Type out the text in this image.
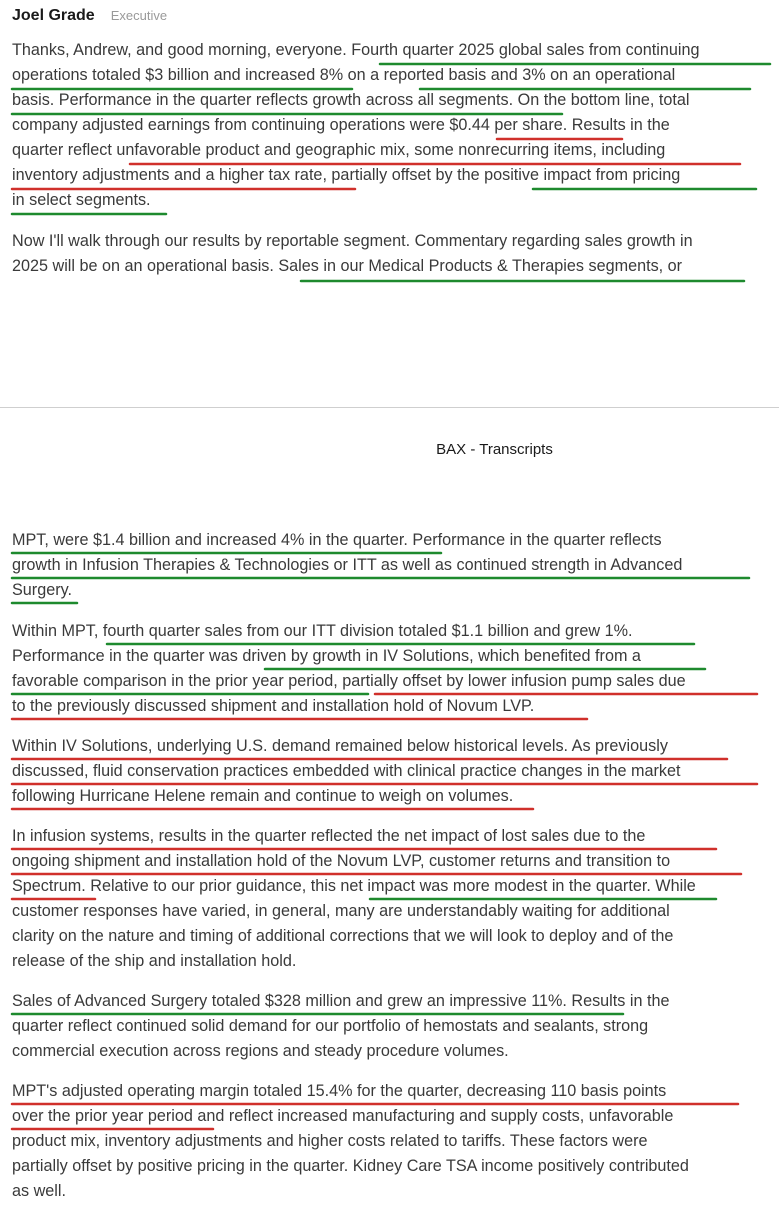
Joel Grade Executive
Thanks, Andrew, and good morning, everyone. Fourth quarter 2025 global sales from continuing
operations totaled $3 billion and increased 8% on a reported basis and 3% on an operational
basis. Performance in the quarter reflects growth across all segments. On the bottom line, total
company adjusted earnings from continuing operations were $0.44 per share. Results in the
quarter reflect unfavorable product and geographic mix, some nonrecurring items, including
inventory adjustments and a higher tax rate, partially offset by the positive impact from pricing
in select segments.
Now I'll walk through our results by reportable segment. Commentary regarding sales growth in
2025 will be on an operational basis. Sales in our Medical Products & Therapies segments, or
BAX - Transcripts
MPT, were $1.4 billion and increased 4% in the quarter. Performance in the quarter reflects
growth in Infusion Therapies & Technologies or ITT as well as continued strength in Advanced
Surgery.
Within MPT, fourth quarter sales from our ITT division totaled $1.1 billion and grew 1%.
Performance in the quarter was driven by growth in IV Solutions, which benefited from a
favorable comparison in the prior year period, partially offset by lower infusion pump sales due
to the previously discussed shipment and installation hold of Novum LVP.
Within IV Solutions, underlying U.S. demand remained below historical levels. As previously
discussed, fluid conservation practices embedded with clinical practice changes in the market
following Hurricane Helene remain and continue to weigh on volumes.
In infusion systems, results in the quarter reflected the net impact of lost sales due to the
ongoing shipment and installation hold of the Novum LVP, customer returns and transition to
Spectrum. Relative to our prior guidance, this net impact was more modest in the quarter. While
customer responses have varied, in general, many are understandably waiting for additional
clarity on the nature and timing of additional corrections that we will look to deploy and of the
release of the ship and installation hold.
Sales of Advanced Surgery totaled $328 million and grew an impressive 11%. Results in the
quarter reflect continued solid demand for our portfolio of hemostats and sealants, strong
commercial execution across regions and steady procedure volumes.
MPT's adjusted operating margin totaled 15.4% for the quarter, decreasing 110 basis points
over the prior year period and reflect increased manufacturing and supply costs, unfavorable
product mix, inventory adjustments and higher costs related to tariffs. These factors were
partially offset by positive pricing in the quarter. Kidney Care TSA income positively contributed
as well.
